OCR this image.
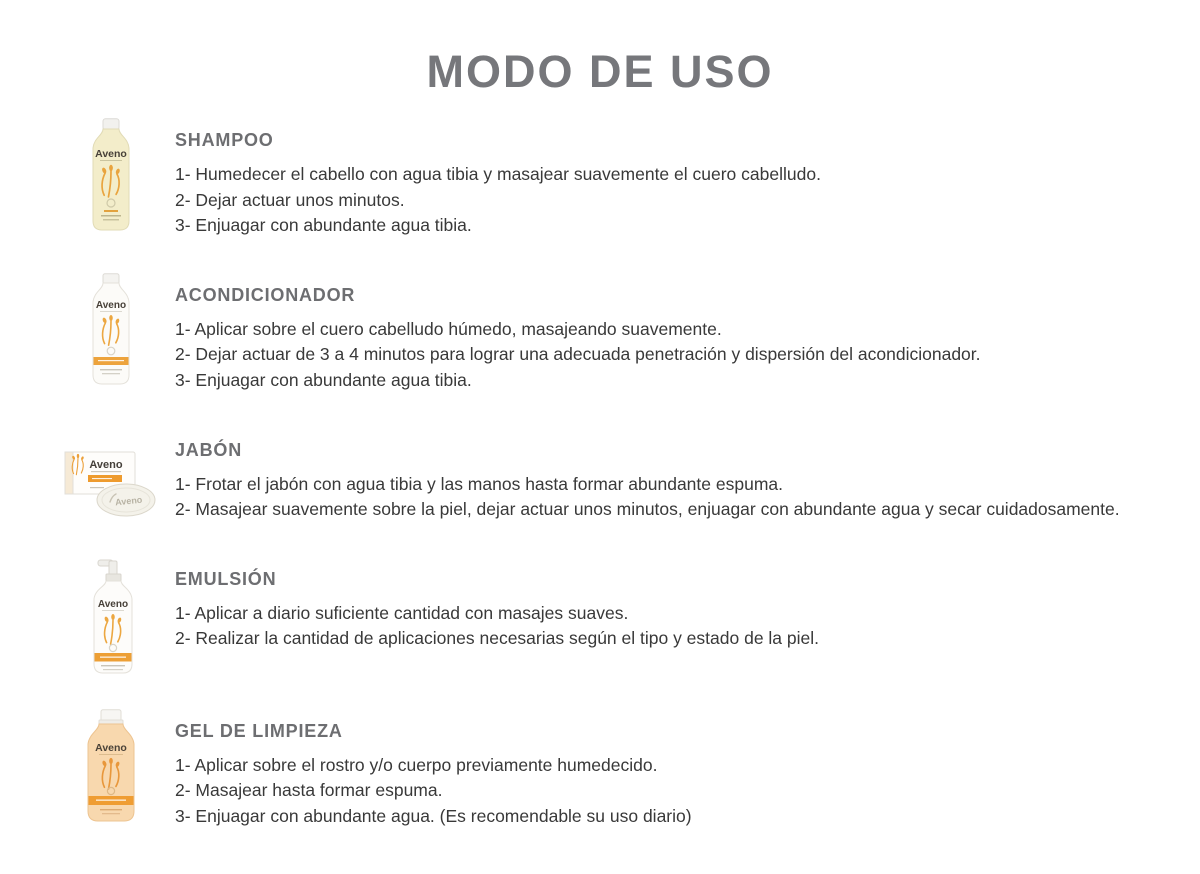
MODO DE USO
Aveno
SHAMPOO
1- Humedecer el cabello con agua tibia y masajear suavemente el cuero cabelludo.
2- Dejar actuar unos minutos.
3- Enjuagar con abundante agua tibia.
Aveno
ACONDICIONADOR
1- Aplicar sobre el cuero cabelludo húmedo, masajeando suavemente.
2- Dejar actuar de 3 a 4 minutos para lograr una adecuada penetración y dispersión del acondicionador.
3- Enjuagar con abundante agua tibia.
Aveno
Aveno
JABÓN
1- Frotar el jabón con agua tibia y las manos hasta formar abundante espuma.
2- Masajear suavemente sobre la piel, dejar actuar unos minutos, enjuagar con abundante agua y secar cuidadosamente.
Aveno
EMULSIÓN
1- Aplicar a diario suficiente cantidad con masajes suaves.
2- Realizar la cantidad de aplicaciones necesarias según el tipo y estado de la piel.
Aveno
GEL DE LIMPIEZA
1- Aplicar sobre el rostro y/o cuerpo previamente humedecido.
2- Masajear hasta formar espuma.
3- Enjuagar con abundante agua. (Es recomendable su uso diario)
